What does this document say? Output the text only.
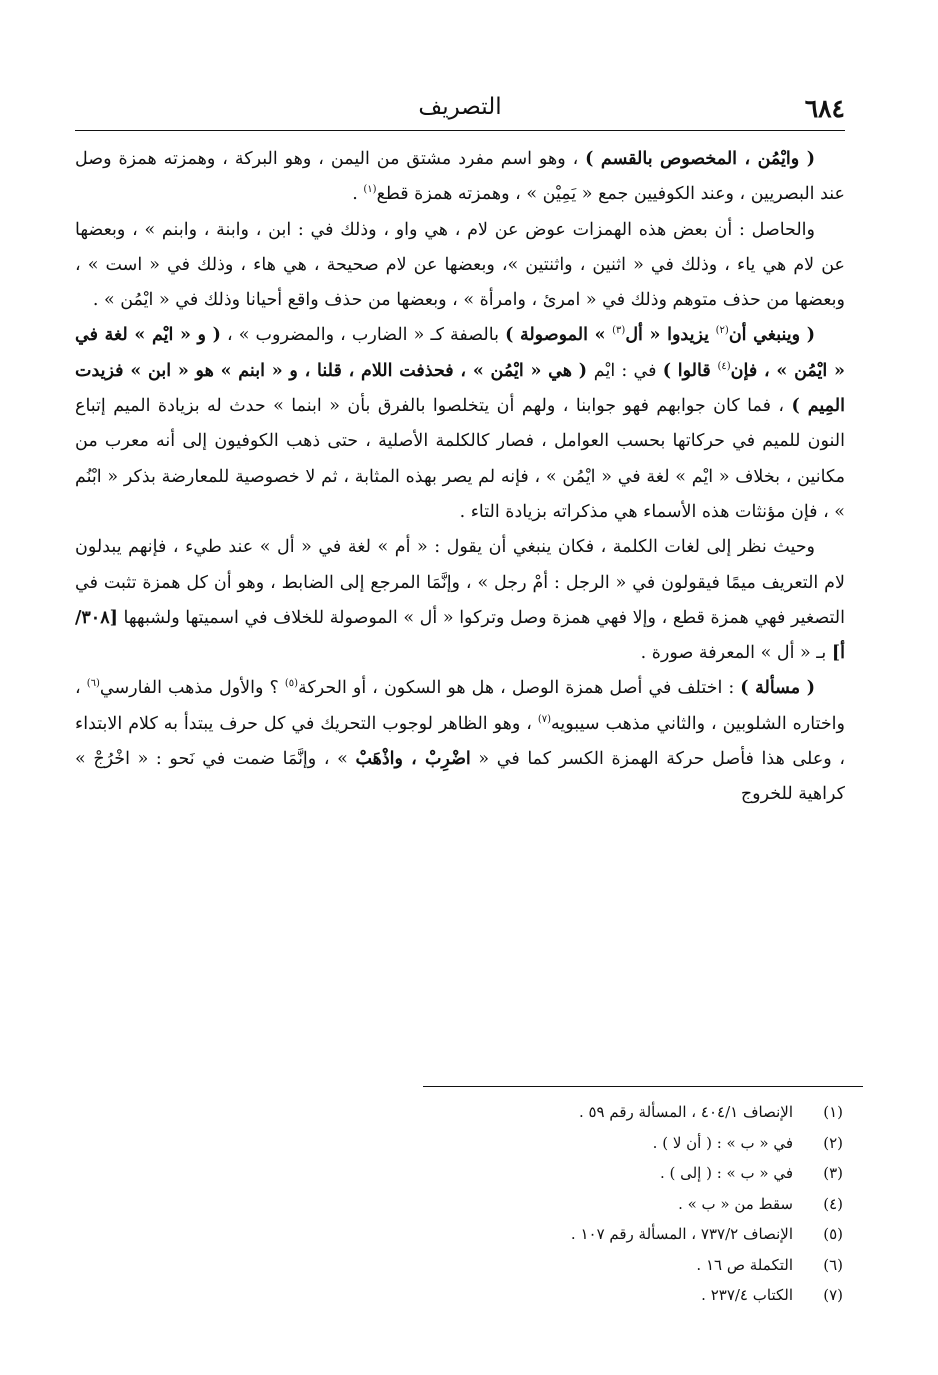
٦٨٤
التصريف

( وايْمُن ، المخصوص بالقسم ) ، وهو اسم مفرد مشتق من اليمن ، وهو البركة ، وهمزته همزة وصل عند البصريين ، وعند الكوفيين جمع « يَمِيْن » ، وهمزته همزة قطع$^{(١)}$ .

والحاصل : أن بعض هذه الهمزات عوض عن لام ، هي واو ، وذلك في : ابن ، وابنة ، وابنم » ، وبعضها عن لام هي ياء ، وذلك في « اثنين ، واثنتين »، وبعضها عن لام صحيحة ، هي هاء ، وذلك في « است » ، وبعضها من حذف متوهم وذلك في « امرئ ، وامرأة » ، وبعضها من حذف واقع أحيانا وذلك في « ايْمُن » .

( وينبغي أن$^{(٢)}$ يزيدوا « أل$^{(٣)}$ » الموصولة ) بالصفة كـ « الضارب ، والمضروب » ، ( و « ايْم » لغة في « ايْمُن » ، فإن$^{(٤)}$ قالوا ) في : ايْم ( هي « ايْمُن » ، فحذفت اللام ، قلنا ، و « ابنم » هو « ابن » فزيدت المِيم ) ، فما كان جوابهم فهو جوابنا ، ولهم أن يتخلصوا بالفرق بأن « ابنما » حدث له بزيادة الميم إتباع النون للميم في حركاتها بحسب العوامل ، فصار كالكلمة الأصلية ، حتى ذهب الكوفيون إلى أنه معرب من مكانين ، بخلاف « ايْم » لغة في « ايْمُن » ، فإنه لم يصر بهذه المثابة ، ثم لا خصوصية للمعارضة بذكر « ابْنُم » ، فإن مؤنثات هذه الأسماء هي مذكراته بزيادة التاء .

وحيث نظر إلى لغات الكلمة ، فكان ينبغي أن يقول : « أم » لغة في « أل » عند طيء ، فإنهم يبدلون لام التعريف ميمًا فيقولون في « الرجل : أمْ رجل » ، وإنَّمَا المرجع إلى الضابط ، وهو أن كل همزة تثبت في التصغير فهي همزة قطع ، وإلا فهي همزة وصل وتركوا « أل » الموصولة للخلاف في اسميتها ولشبهها [٣٠٨/أ] بـ « أل » المعرفة صورة .

( مسألة ) : اختلف في أصل همزة الوصل ، هل هو السكون ، أو الحركة$^{(٥)}$ ؟ والأول مذهب الفارسي$^{(٦)}$ ، واختاره الشلوبين ، والثاني مذهب سيبويه$^{(٧)}$ ، وهو الظاهر لوجوب التحريك في كل حرف يبتدأ به كلام الابتداء ، وعلى هذا فأصل حركة الهمزة الكسر كما في « اضْرِبْ ، واذْهَبْ » ، وإنَّمَا ضمت في نَحو : « اخْرُجْ » كراهية للخروج

(١)
الإنصاف ٤٠٤/١ ، المسألة رقم ٥٩ .
(٢)
في « ب » : ( أن لا ) .
(٣)
في « ب » : ( إلى ) .
(٤)
سقط من « ب » .
(٥)
الإنصاف ٧٣٧/٢ ، المسألة رقم ١٠٧ .
(٦)
التكملة ص ١٦ .
(٧)
الكتاب ٢٣٧/٤ .
